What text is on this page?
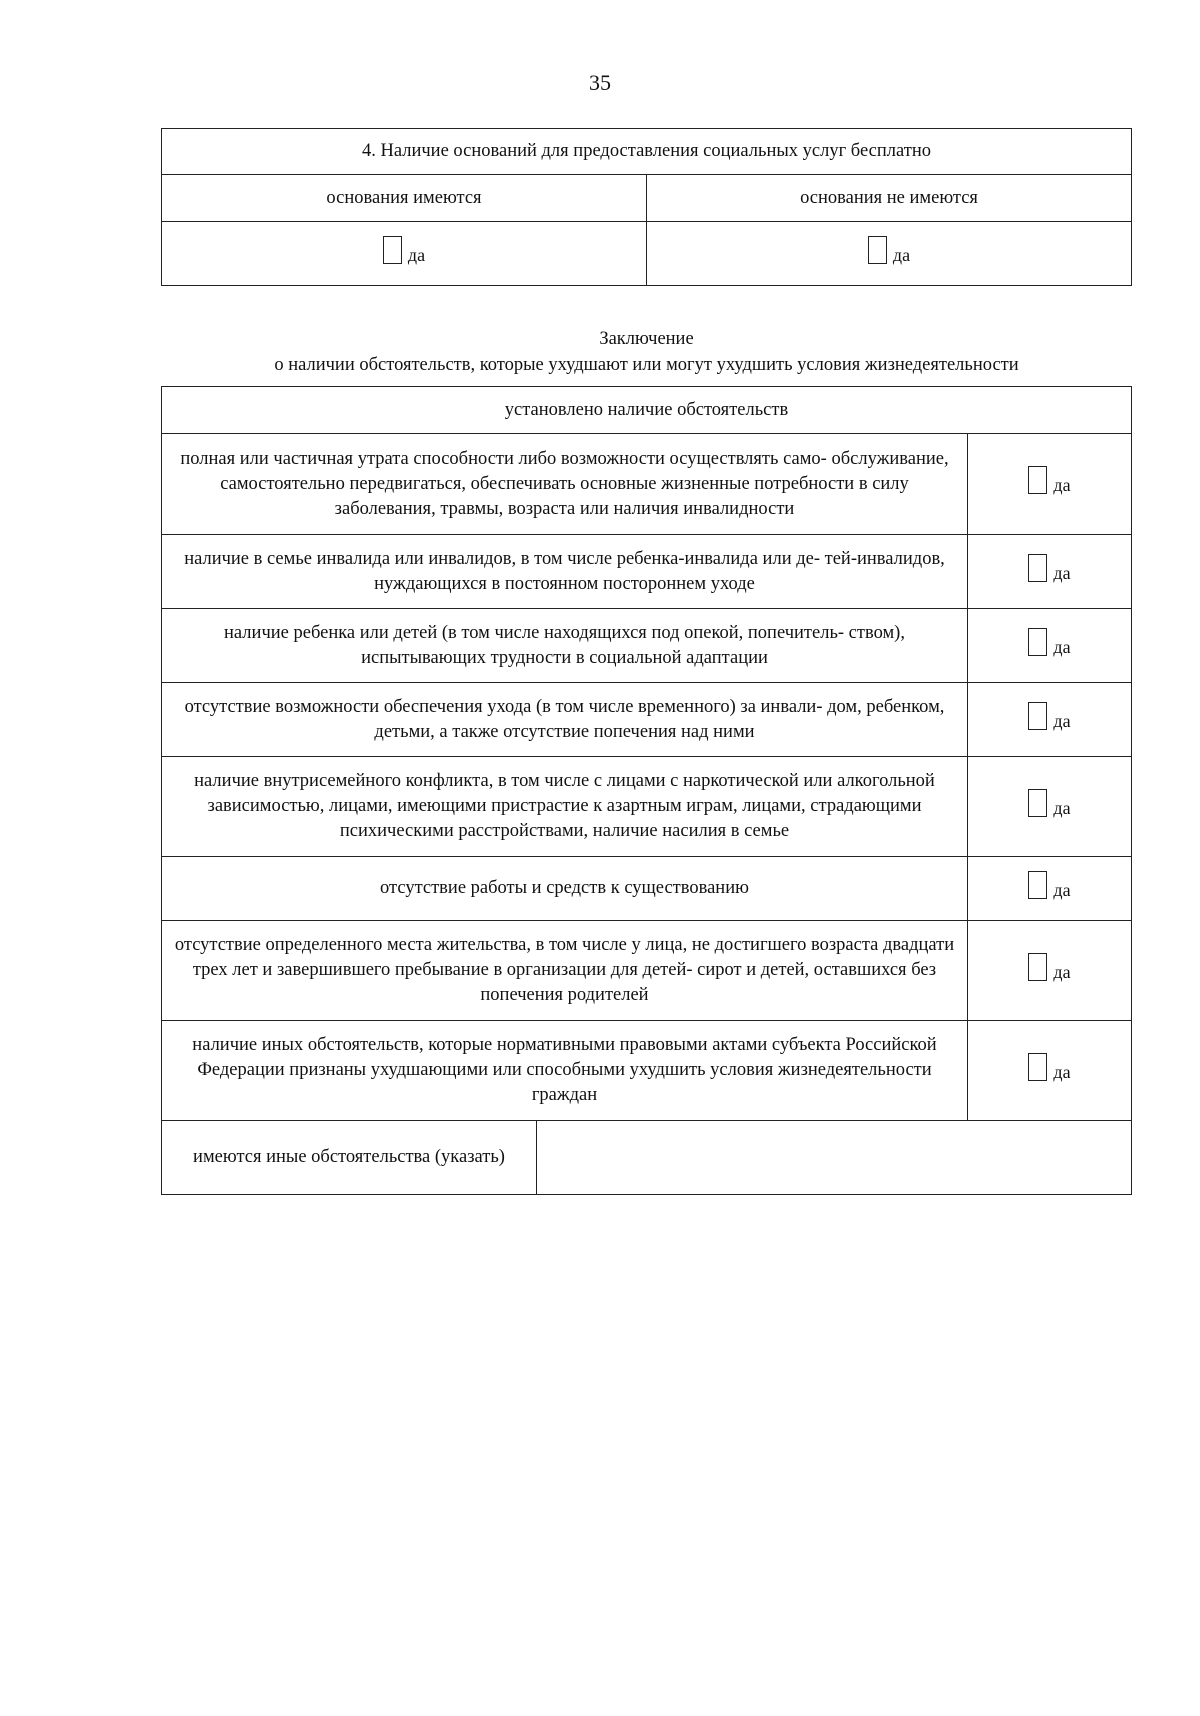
35
4. Наличие оснований для предоставления социальных услуг бесплатно	
основания имеются	основания не имеются

да	да
Заключение
о наличии обстоятельств, которые ухудшают или могут ухудшить условия жизнедеятельности
установлено наличие обстоятельств		
полная или частичная утрата способности либо возможности осуществлять само- обслуживание, самостоятельно передвигаться, обеспечивать основные жизненные потребности в силу заболевания, травмы, возраста или наличия инвалидности		да

наличие в семье инвалида или инвалидов, в том числе ребенка-инвалида или де- тей-инвалидов, нуждающихся в постоянном постороннем уходе		да

наличие ребенка или детей (в том числе находящихся под опекой, попечитель- ством), испытывающих трудности в социальной адаптации		да

отсутствие возможности обеспечения ухода (в том числе временного) за инвали- дом, ребенком, детьми, а также отсутствие попечения над ними		да

наличие внутрисемейного конфликта, в том числе с лицами с наркотической или алкогольной зависимостью, лицами, имеющими пристрастие к азартным играм, лицами, страдающими психическими расстройствами, наличие насилия в семье		да

отсутствие работы и средств к существованию		да

отсутствие определенного места жительства, в том числе у лица, не достигшего возраста двадцати трех лет и завершившего пребывание в организации для детей- сирот и детей, оставшихся без попечения родителей		да

наличие иных обстоятельств, которые нормативными правовыми актами субъекта Российской Федерации признаны ухудшающими или способными ухудшить условия жизнедеятельности граждан		да

имеются иные обстоятельства (указать)		
